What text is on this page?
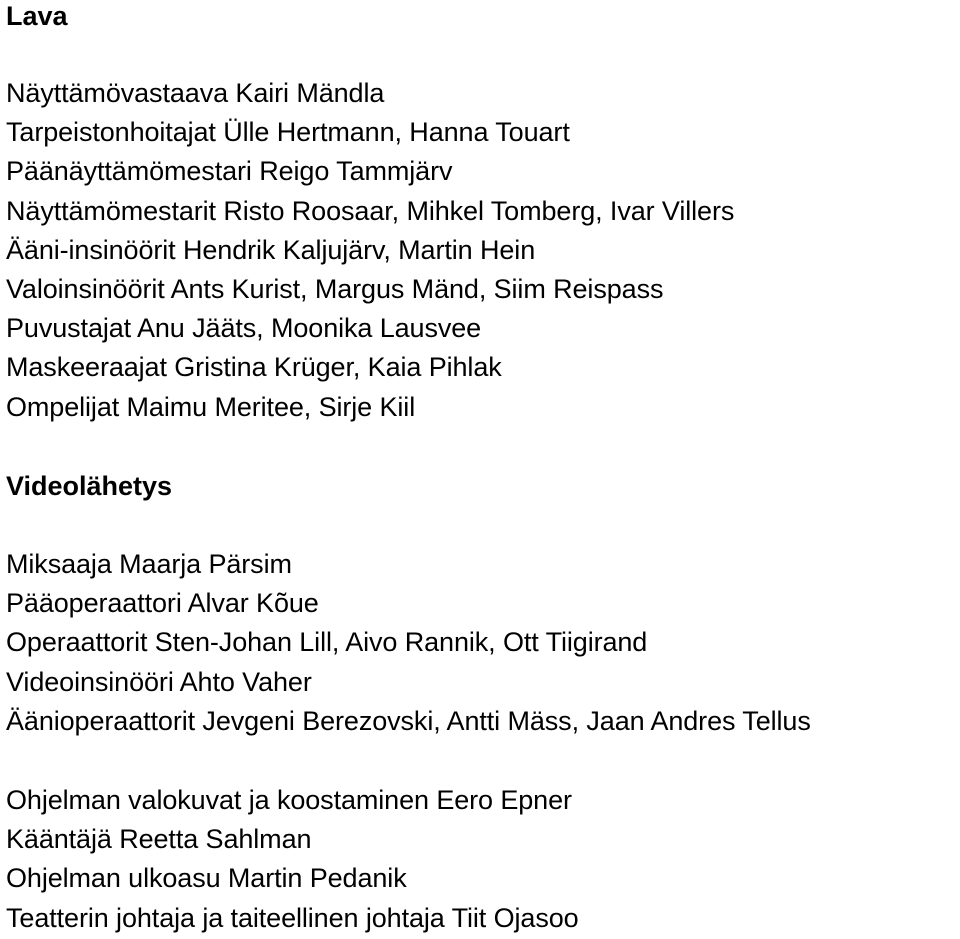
Lava

Näyttämövastaava Kairi Mändla

Tarpeistonhoitajat Ülle Hertmann, Hanna Touart

Päänäyttämömestari Reigo Tammjärv

Näyttämömestarit Risto Roosaar, Mihkel Tomberg, Ivar Villers

Ääni-insinöörit Hendrik Kaljujärv, Martin Hein

Valoinsinöörit Ants Kurist, Margus Mänd, Siim Reispass

Puvustajat Anu Jääts, Moonika Lausvee

Maskeeraajat Gristina Krüger, Kaia Pihlak

Ompelijat Maimu Meritee, Sirje Kiil

Videolähetys

Miksaaja Maarja Pärsim

Pääoperaattori Alvar Kõue

Operaattorit Sten-Johan Lill, Aivo Rannik, Ott Tiigirand

Videoinsinööri Ahto Vaher

Äänioperaattorit Jevgeni Berezovski, Antti Mäss, Jaan Andres Tellus

Ohjelman valokuvat ja koostaminen Eero Epner

Kääntäjä Reetta Sahlman

Ohjelman ulkoasu Martin Pedanik

Teatterin johtaja ja taiteellinen johtaja Tiit Ojasoo
